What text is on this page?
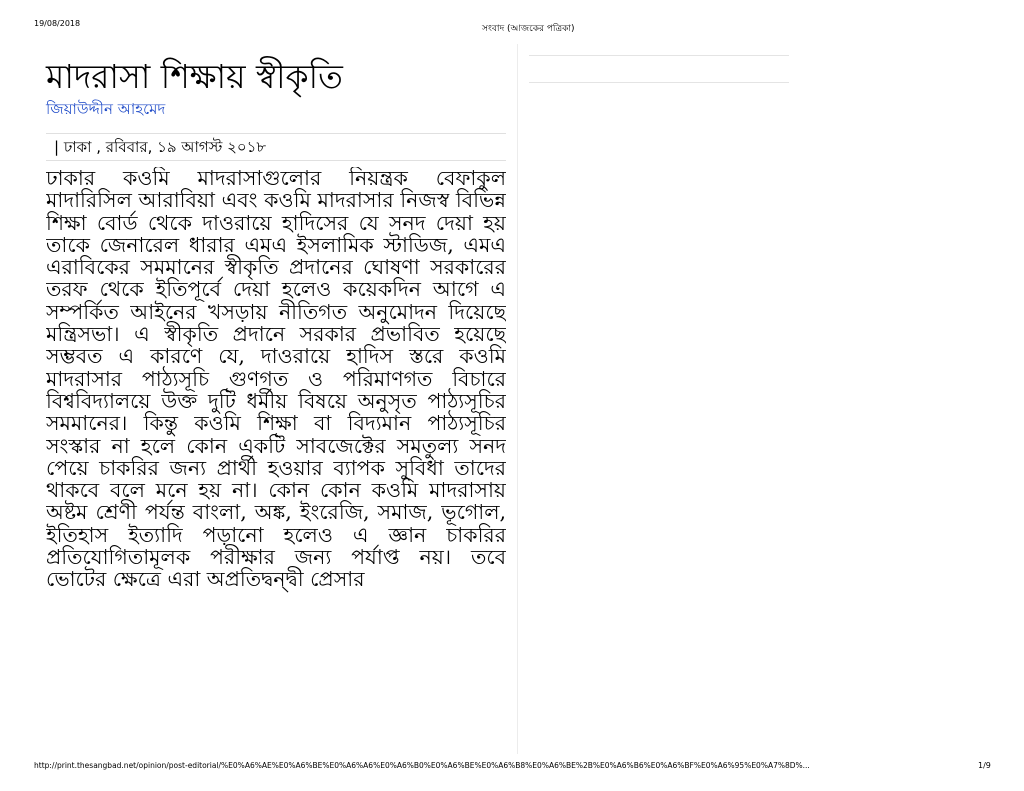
19/08/2018
সংবাদ (আজকের পত্রিকা)
মাদরাসা শিক্ষায় স্বীকৃতি
জিয়াউদ্দীন আহমেদ
| ঢাকা , রবিবার, ১৯ আগস্ট ২০১৮

ঢাকার কওমি মাদরাসাগুলোর নিয়ন্ত্রক বেফাকুল মাদারিসিল আরাবিয়া এবং কওমি মাদরাসার নিজস্ব বিভিন্ন শিক্ষা বোর্ড থেকে দাওরায়ে হাদিসের যে সনদ দেয়া হয় তাকে জেনারেল ধারার এমএ ইসলামিক স্টাডিজ, এমএ এরাবিকের সমমানের স্বীকৃতি প্রদানের ঘোষণা সরকারের তরফ থেকে ইতিপূর্বে দেয়া হলেও কয়েকদিন আগে এ সম্পর্কিত আইনের খসড়ায় নীতিগত অনুমোদন দিয়েছে মন্ত্রিসভা। এ স্বীকৃতি প্রদানে সরকার প্রভাবিত হয়েছে সম্ভবত এ কারণে যে, দাওরায়ে হাদিস স্তরে কওমি মাদরাসার পাঠ্যসূচি গুণগত ও পরিমাণগত বিচারে বিশ্ববিদ্যালয়ে উক্ত দুটি ধর্মীয় বিষয়ে অনুসৃত পাঠ্যসূচির সমমানের। কিন্তু কওমি শিক্ষা বা বিদ্যমান পাঠ্যসূচির সংস্কার না হলে কোন একটি সাবজেক্টের সমতুল্য সনদ পেয়ে চাকরির জন্য প্রার্থী হওয়ার ব্যাপক সুবিধা তাদের থাকবে বলে মনে হয় না। কোন কোন কওমি মাদরাসায় অষ্টম শ্রেণী পর্যন্ত বাংলা, অঙ্ক, ইংরেজি, সমাজ, ভূগোল, ইতিহাস ইত্যাদি পড়ানো হলেও এ জ্ঞান চাকরির প্রতিযোগিতামূলক পরীক্ষার জন্য পর্যাপ্ত নয়। তবে ভোটের ক্ষেত্রে এরা অপ্রতিদ্বন্দ্বী প্রেসার

http://print.thesangbad.net/opinion/post-editorial/%E0%A6%AE%E0%A6%BE%E0%A6%A6%E0%A6%B0%E0%A6%BE%E0%A6%B8%E0%A6%BE%2B%E0%A6%B6%E0%A6%BF%E0%A6%95%E0%A7%8D%...	1/9
